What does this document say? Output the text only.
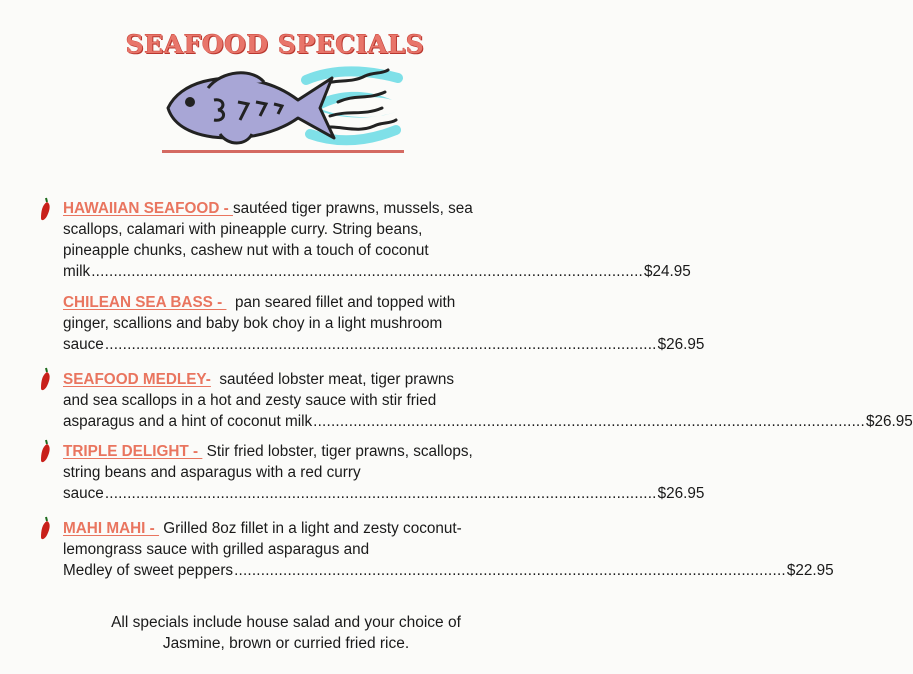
SEAFOOD SPECIALS
HAWAIIAN SEAFOOD - sautéed tiger prawns, mussels, sea
scallops, calamari with pineapple curry. String beans,
pineapple chunks, cashew nut with a touch of coconut
milk ............................................................................................................................ $24.95
CHILEAN SEA BASS -   pan seared fillet and topped with
ginger, scallions and baby bok choy in a light mushroom
sauce ............................................................................................................................ $26.95
SEAFOOD MEDLEY-  sautéed lobster meat, tiger prawns
and sea scallops in a hot and zesty sauce with stir fried
asparagus and a hint of coconut milk ............................................................................................................................ $26.95
TRIPLE DELIGHT -  Stir fried lobster, tiger prawns, scallops,
string beans and asparagus with a red curry
sauce ............................................................................................................................ $26.95
MAHI MAHI -  Grilled 8oz fillet in a light and zesty coconut-
lemongrass sauce with grilled asparagus and
Medley of sweet peppers ............................................................................................................................ $22.95
All specials include house salad and your choice of
Jasmine, brown or curried fried rice.
